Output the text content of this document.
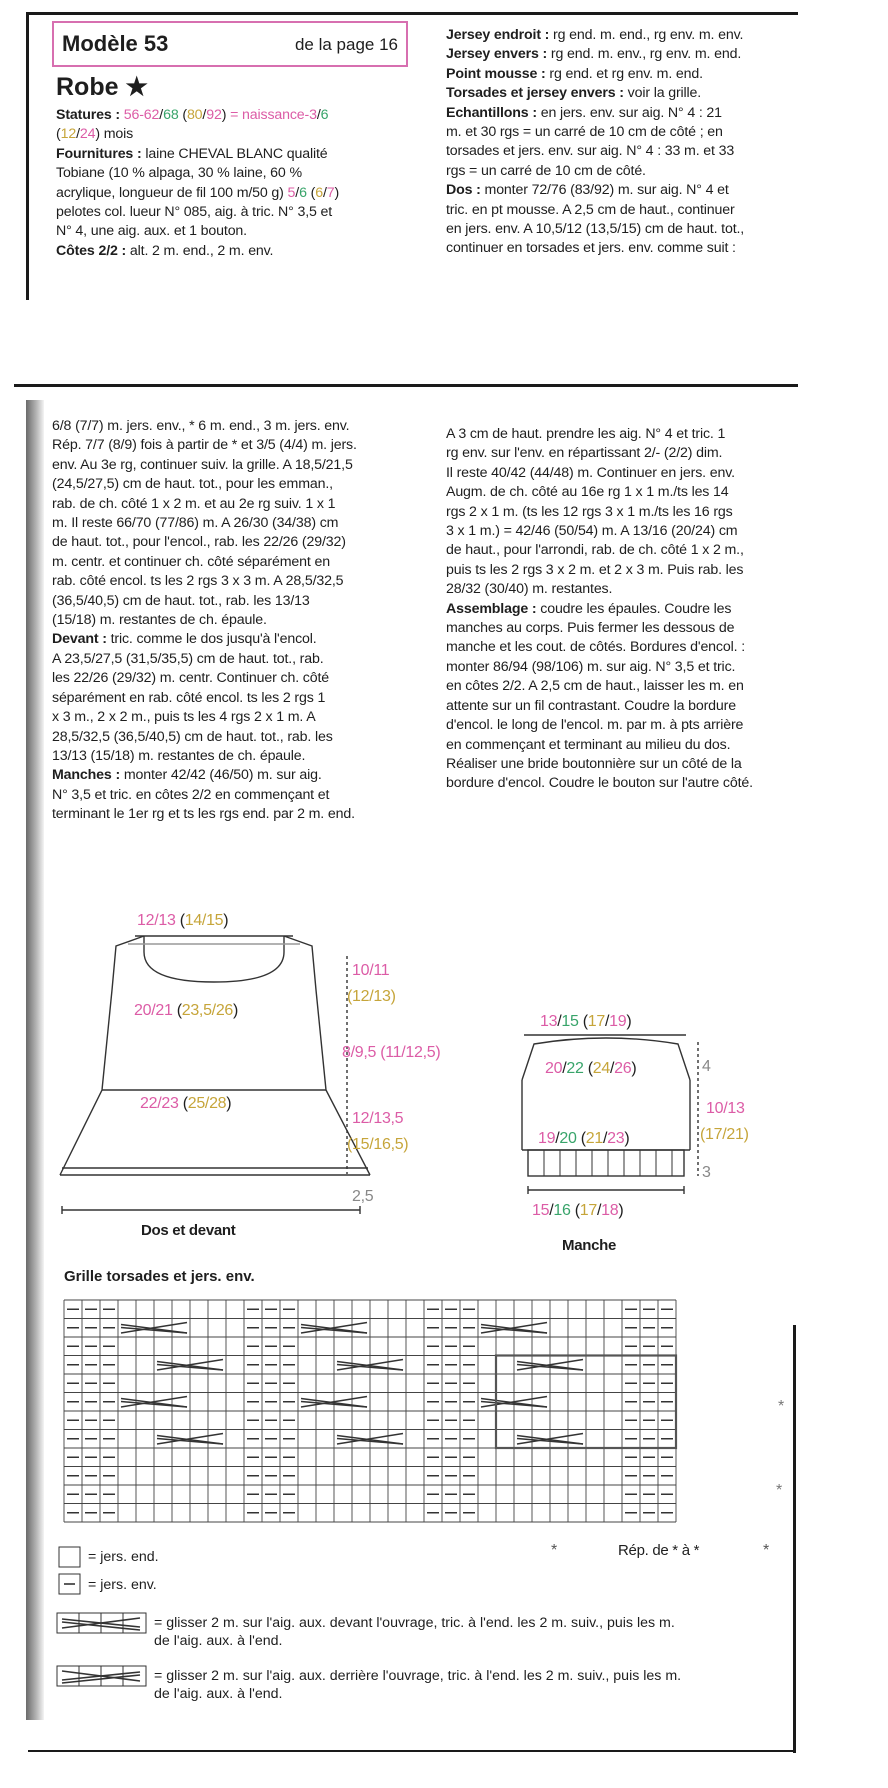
Modèle 53	de la page 16
Robe ★
Statures : 56-62/68 (80/92) = naissance-3/6
(12/24) mois
Fournitures : laine CHEVAL BLANC qualité
Tobiane (10 % alpaga, 30 % laine, 60 %
acrylique, longueur de fil 100 m/50 g) 5/6 (6/7)
pelotes col. lueur N° 085, aig. à tric. N° 3,5 et
N° 4, une aig. aux. et 1 bouton.
Côtes 2/2 : alt. 2 m. end., 2 m. env.
Jersey endroit : rg end. m. end., rg env. m. env.
Jersey envers : rg end. m. env., rg env. m. end.
Point mousse : rg end. et rg env. m. end.
Torsades et jersey envers : voir la grille.
Echantillons : en jers. env. sur aig. N° 4 : 21
m. et 30 rgs = un carré de 10 cm de côté ; en
torsades et jers. env. sur aig. N° 4 : 33 m. et 33
rgs = un carré de 10 cm de côté.
Dos : monter 72/76 (83/92) m. sur aig. N° 4 et
tric. en pt mousse. A 2,5 cm de haut., continuer
en jers. env. A 10,5/12 (13,5/15) cm de haut. tot.,
continuer en torsades et jers. env. comme suit :
6/8 (7/7) m. jers. env., * 6 m. end., 3 m. jers. env.
Rép. 7/7 (8/9) fois à partir de * et 3/5 (4/4) m. jers.
env. Au 3e rg, continuer suiv. la grille. A 18,5/21,5
(24,5/27,5) cm de haut. tot., pour les emman.,
rab. de ch. côté 1 x 2 m. et au 2e rg suiv. 1 x 1
m. Il reste 66/70 (77/86) m. A 26/30 (34/38) cm
de haut. tot., pour l'encol., rab. les 22/26 (29/32)
m. centr. et continuer ch. côté séparément en
rab. côté encol. ts les 2 rgs 3 x 3 m. A 28,5/32,5
(36,5/40,5) cm de haut. tot., rab. les 13/13
(15/18) m. restantes de ch. épaule.
Devant : tric. comme le dos jusqu'à l'encol.
A 23,5/27,5 (31,5/35,5) cm de haut. tot., rab.
les 22/26 (29/32) m. centr. Continuer ch. côté
séparément en rab. côté encol. ts les 2 rgs 1
x 3 m., 2 x 2 m., puis ts les 4 rgs 2 x 1 m. A
28,5/32,5 (36,5/40,5) cm de haut. tot., rab. les
13/13 (15/18) m. restantes de ch. épaule.
Manches : monter 42/42 (46/50) m. sur aig.
N° 3,5 et tric. en côtes 2/2 en commençant et
terminant le 1er rg et ts les rgs end. par 2 m. end.
A 3 cm de haut. prendre les aig. N° 4 et tric. 1
rg env. sur l'env. en répartissant 2/- (2/2) dim.
Il reste 40/42 (44/48) m. Continuer en jers. env.
Augm. de ch. côté au 16e rg 1 x 1 m./ts les 14
rgs 2 x 1 m. (ts les 12 rgs 3 x 1 m./ts les 16 rgs
3 x 1 m.) = 42/46 (50/54) m. A 13/16 (20/24) cm
de haut., pour l'arrondi, rab. de ch. côté 1 x 2 m.,
puis ts les 2 rgs 3 x 2 m. et 2 x 3 m. Puis rab. les
28/32 (30/40) m. restantes.
Assemblage : coudre les épaules. Coudre les
manches au corps. Puis fermer les dessous de
manche et les cout. de côtés. Bordures d'encol. :
monter 86/94 (98/106) m. sur aig. N° 3,5 et tric.
en côtes 2/2. A 2,5 cm de haut., laisser les m. en
attente sur un fil contrastant. Coudre la bordure
d'encol. le long de l'encol. m. par m. à pts arrière
en commençant et terminant au milieu du dos.
Réaliser une bride boutonnière sur un côté de la
bordure d'encol. Coudre le bouton sur l'autre côté.
12/13 (14/15)
20/21 (23,5/26)
22/23 (25/28)
10/11
(12/13)
8/9,5 (11/12,5)
12/13,5
(15/16,5)
2,5
Dos et devant
13/15 (17/19)
20/22 (24/26)
19/20 (21/23)
15/16 (17/18)
4
10/13
(17/21)
3
Manche
Grille torsades et jers. env.
*
*
*	Rép. de * à *	*
= jers. end.
= jers. env.
= glisser 2 m. sur l'aig. aux. devant l'ouvrage, tric. à l'end. les 2 m. suiv., puis les m.
de l'aig. aux. à l'end.
= glisser 2 m. sur l'aig. aux. derrière l'ouvrage, tric. à l'end. les 2 m. suiv., puis les m.
de l'aig. aux. à l'end.
